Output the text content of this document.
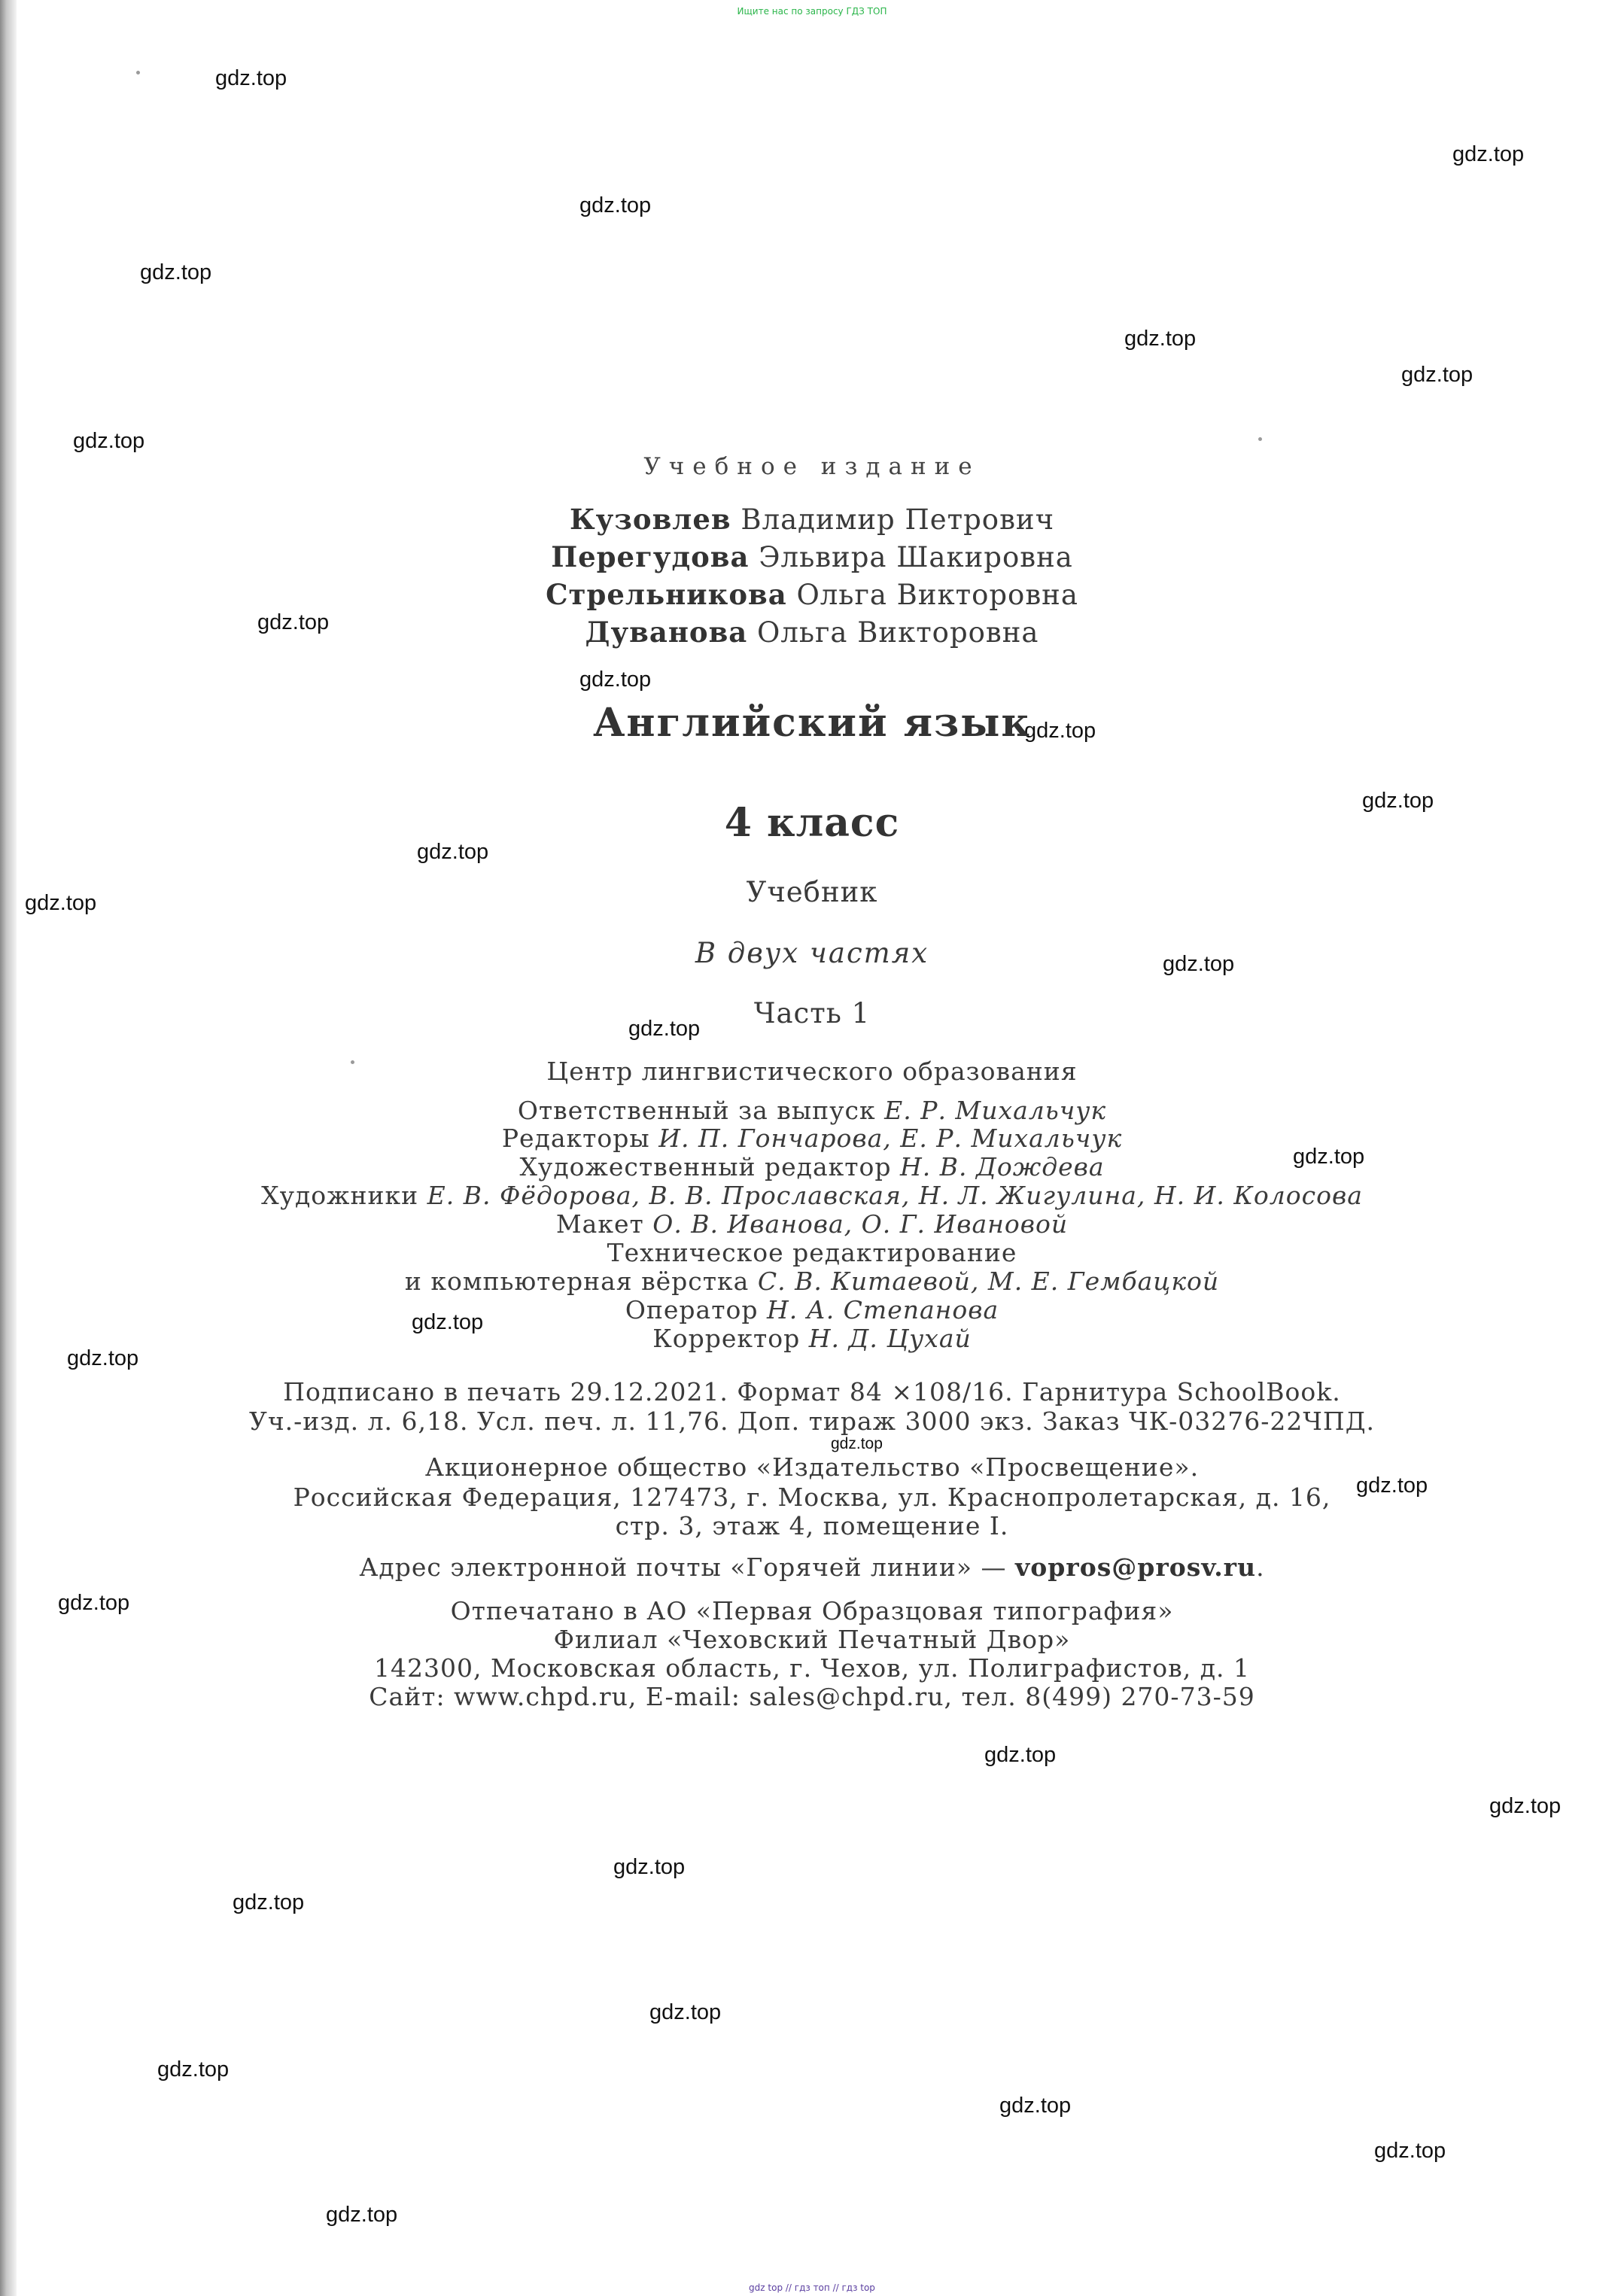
Ищите нас по запросу ГДЗ ТОП
gdz.top
gdz.top
gdz.top
gdz.top
gdz.top
gdz.top
gdz.top
gdz.top
gdz.top
gdz.top
gdz.top
gdz.top
gdz.top
gdz.top
gdz.top
gdz.top
gdz.top
gdz.top
gdz.top
gdz.top
gdz.top
gdz.top
gdz.top
gdz.top
gdz.top
gdz.top
gdz.top
gdz.top
gdz.top
gdz.top
Учебное издание
Кузовлев Владимир Петрович
Перегудова Эльвира Шакировна
Стрельникова Ольга Викторовна
Дуванова Ольга Викторовна
Английский язык
4 класс
Учебник
В двух частях
Часть 1
Центр лингвистического образования
Ответственный за выпуск Е. Р. Михальчук
Редакторы И. П. Гончарова, Е. Р. Михальчук
Художественный редактор Н. В. Дождева
Художники Е. В. Фёдорова, В. В. Прославская, Н. Л. Жигулина, Н. И. Колосова
Макет О. В. Иванова, О. Г. Ивановой
Техническое редактирование
и компьютерная вёрстка С. В. Китаевой, М. Е. Гембацкой
Оператор Н. А. Степанова
Корректор Н. Д. Цухай
Подписано в печать 29.12.2021. Формат 84 ×108/16. Гарнитура SchoolBook.
Уч.-изд. л. 6,18. Усл. печ. л. 11,76. Доп. тираж 3000 экз. Заказ ЧК-03276-22ЧПД.
Акционерное общество «Издательство «Просвещение».
Российская Федерация, 127473, г. Москва, ул. Краснопролетарская, д. 16,
стр. 3, этаж 4, помещение I.
Адрес электронной почты «Горячей линии» — vopros@prosv.ru.
Отпечатано в АО «Первая Образцовая типография»
Филиал «Чеховский Печатный Двор»
142300, Московская область, г. Чехов, ул. Полиграфистов, д. 1
Сайт: www.chpd.ru, E-mail: sales@chpd.ru, тел. 8(499) 270-73-59
gdz top // гдз топ // гдз top
